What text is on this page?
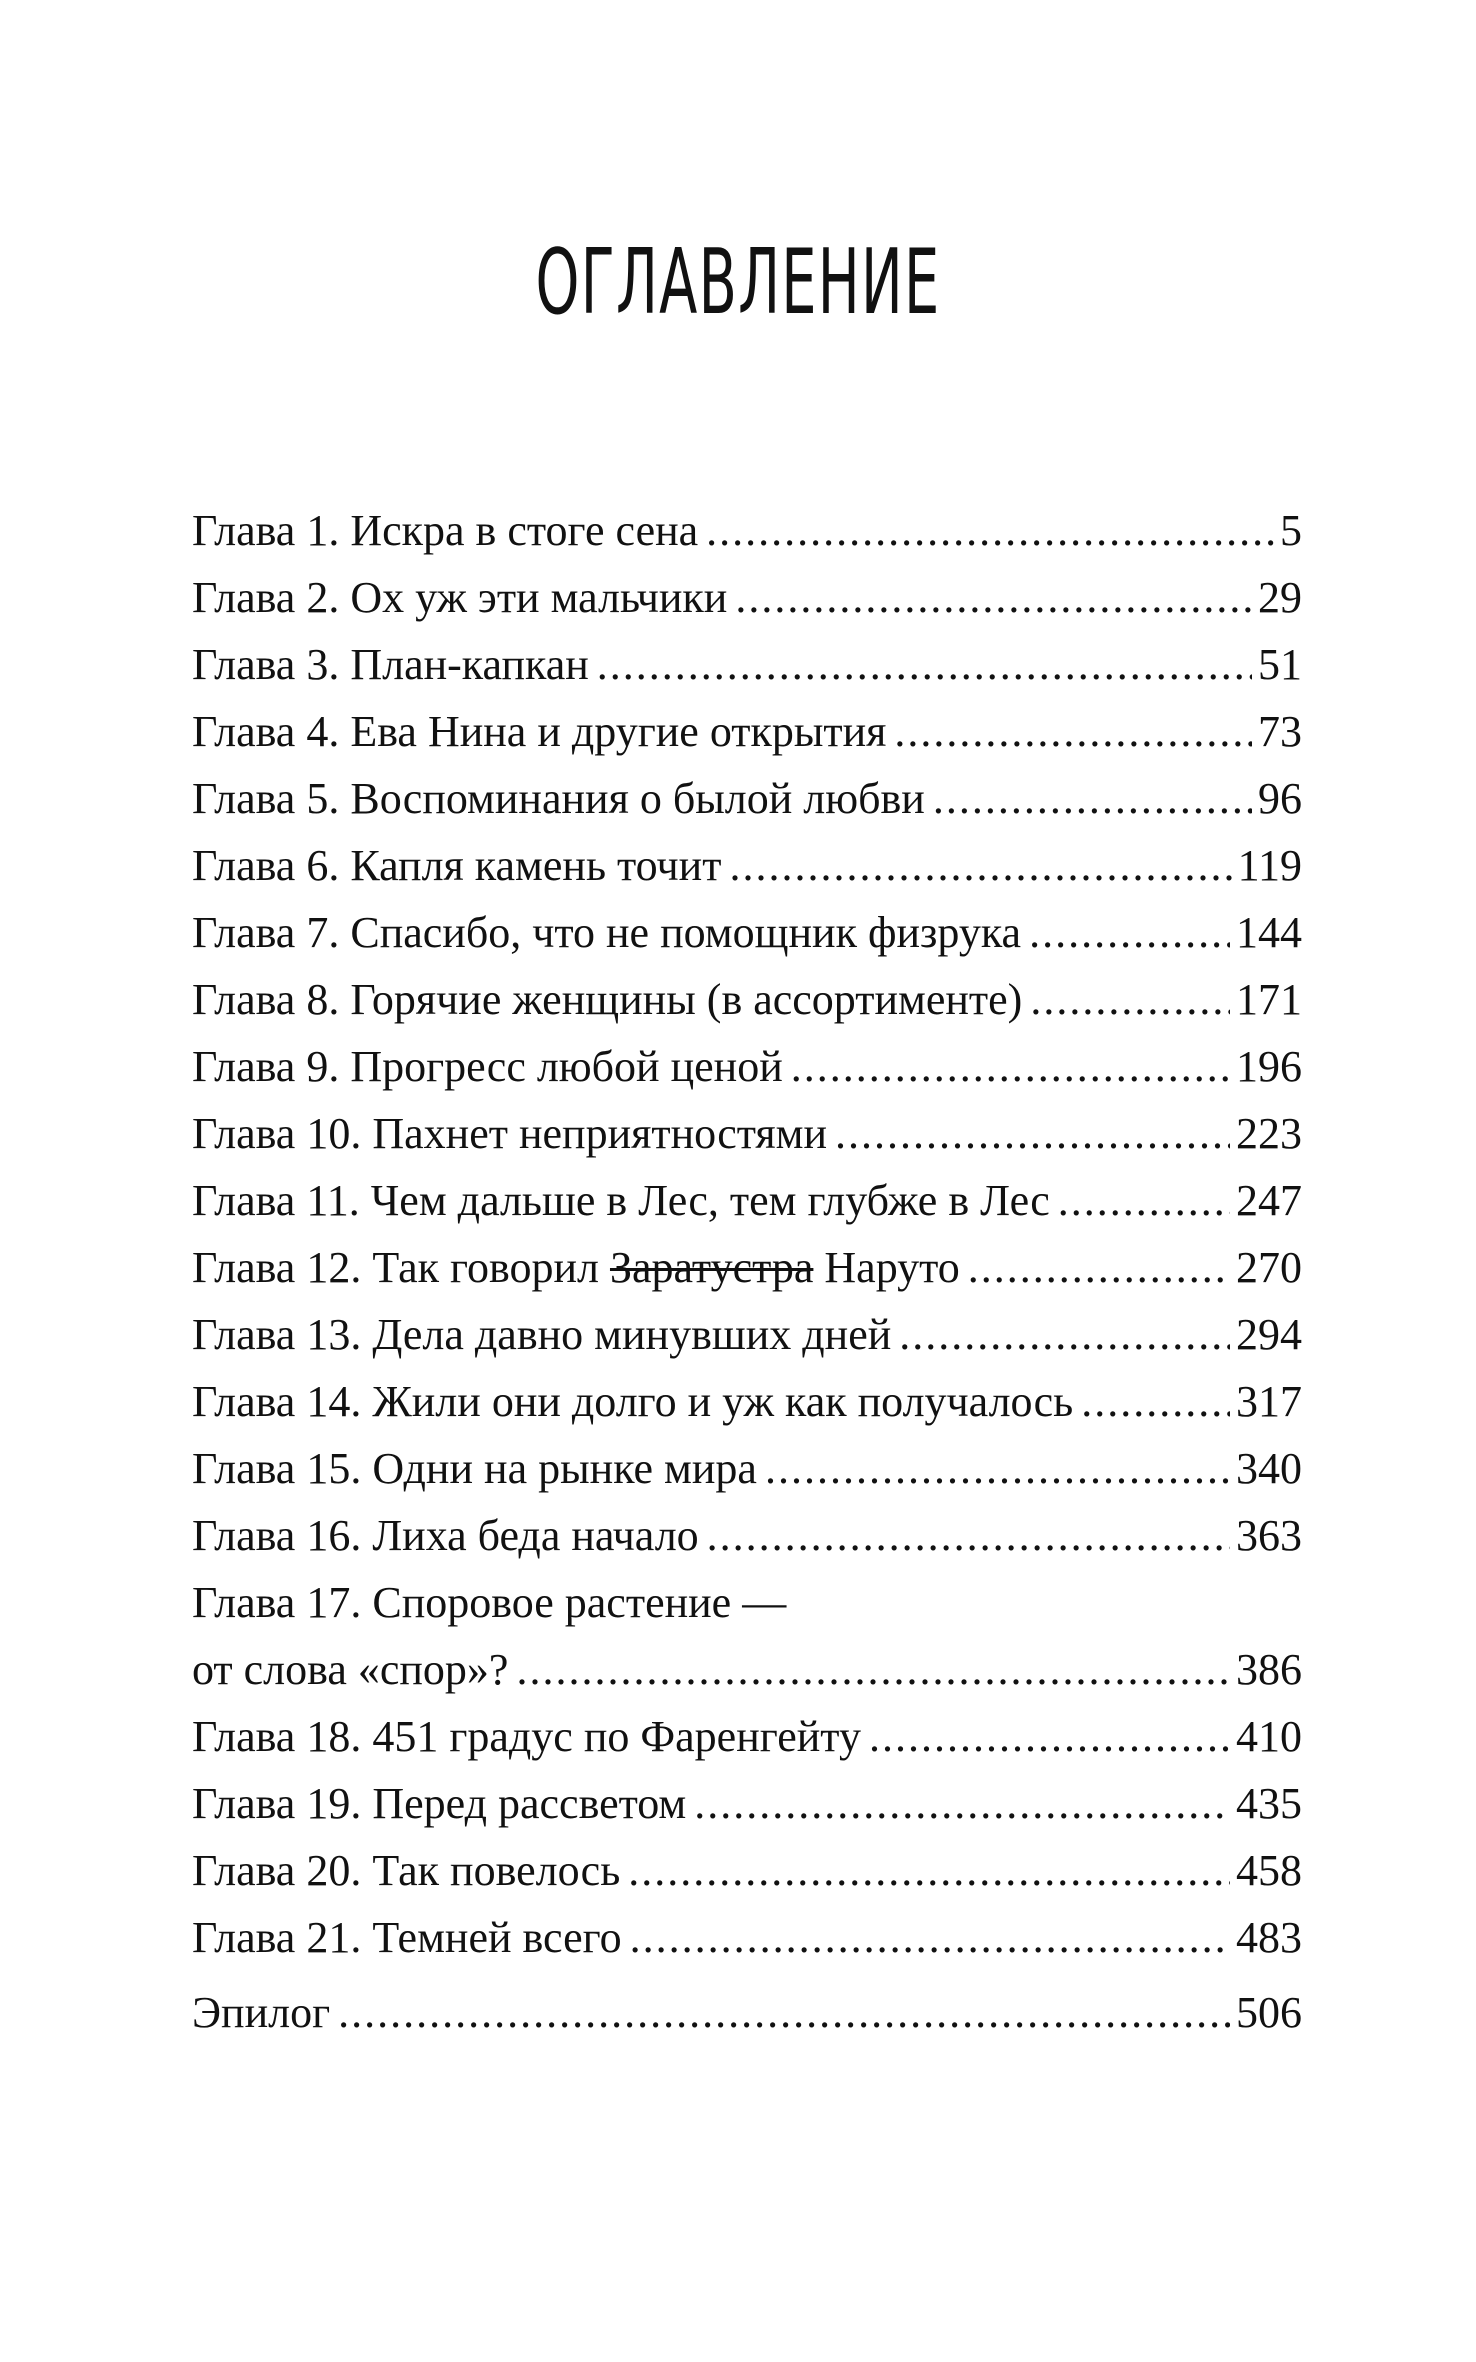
ОГЛАВЛЕНИЕ
Глава 1. Искра в стоге сена .....	5
Глава 2. Ох уж эти мальчики .....	29
Глава 3. План-капкан .....	51
Глава 4. Ева Нина и другие открытия .....	73
Глава 5. Воспоминания о былой любви .....	96
Глава 6. Капля камень точит .....	119
Глава 7. Спасибо, что не помощник физрука .....	144
Глава 8. Горячие женщины (в ассортименте) .....	171
Глава 9. Прогресс любой ценой .....	196
Глава 10. Пахнет неприятностями .....	223
Глава 11. Чем дальше в Лес, тем глубже в Лес .....	247
Глава 12. Так говорил Заратустра Наруто .....	270
Глава 13. Дела давно минувших дней .....	294
Глава 14. Жили они долго и уж как получалось .....	317
Глава 15. Одни на рынке мира .....	340
Глава 16. Лиха беда начало .....	363
Глава 17. Споровое растение —
от слова «спор»? .....	386
Глава 18. 451 градус по Фаренгейту .....	410
Глава 19. Перед рассветом .....	435
Глава 20. Так повелось .....	458
Глава 21. Темней всего .....	483
Эпилог .....	506
